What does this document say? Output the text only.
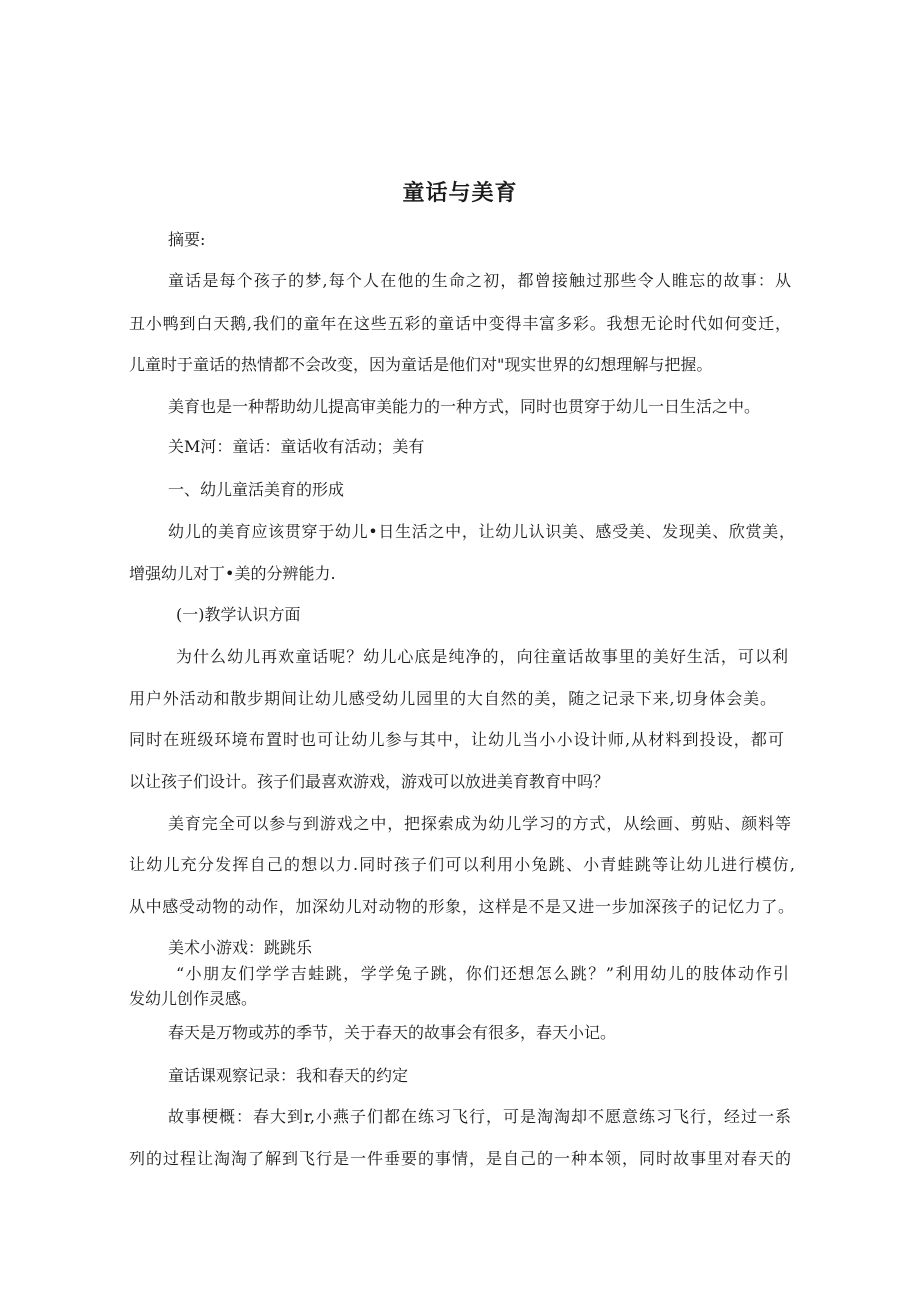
童话与美育
摘要:
童话是每个孩子的梦,每个人在他的生命之初，都曾接触过那些令人睢忘的故事：从
丑小鸭到白天鹅,我们的童年在这些五彩的童话中变得丰富多彩。我想无论时代如何变迁，
儿童时于童话的热情都不会改变，因为童话是他们对"现实世界的幻想理解与把握。
美育也是一种帮助幼儿提高审美能力的一种方式，同时也贯穿于幼儿一日生活之中。
关M河：童话：童话收有活动；美有
一、幼儿童活美育的形成
幼儿的美育应该贯穿于幼儿•日生活之中，让幼儿认识美、感受美、发现美、欣赏美，
增强幼儿对丁•美的分辨能力.
(一)教学认识方面
为什么幼儿再欢童话呢？幼儿心底是纯净的，向往童话故事里的美好生活，可以利
用户外活动和散步期间让幼儿感受幼儿园里的大自然的美，随之记录下来,切身体会美。
同时在班级环境布置时也可让幼儿参与其中，让幼儿当小小设计师,从材料到投设，都可
以让孩子们设计。孩子们最喜欢游戏，游戏可以放进美育教育中吗？
美育完全可以参与到游戏之中，把探索成为幼儿学习的方式，从绘画、剪贴、颜料等
让幼儿充分发挥自己的想以力.同时孩子们可以利用小兔跳、小青蛙跳等让幼儿进行模仿,
从中感受动物的动作，加深幼儿对动物的形象，这样是不是又进一步加深孩子的记忆力了。
美术小游戏：跳跳乐
“小朋友们学学吉蛙跳，学学兔子跳，你们还想怎么跳？”利用幼儿的肢体动作引
发幼儿创作灵感。
春天是万物或苏的季节，关于春天的故事会有很多，春天小记。
童话课观察记录：我和春天的约定
故事梗概：春大到r,小燕子们都在练习飞行，可是淘淘却不愿意练习飞行，经过一系
列的过程让淘淘了解到飞行是一件垂要的事情，是自己的一种本领，同时故事里对春天的
